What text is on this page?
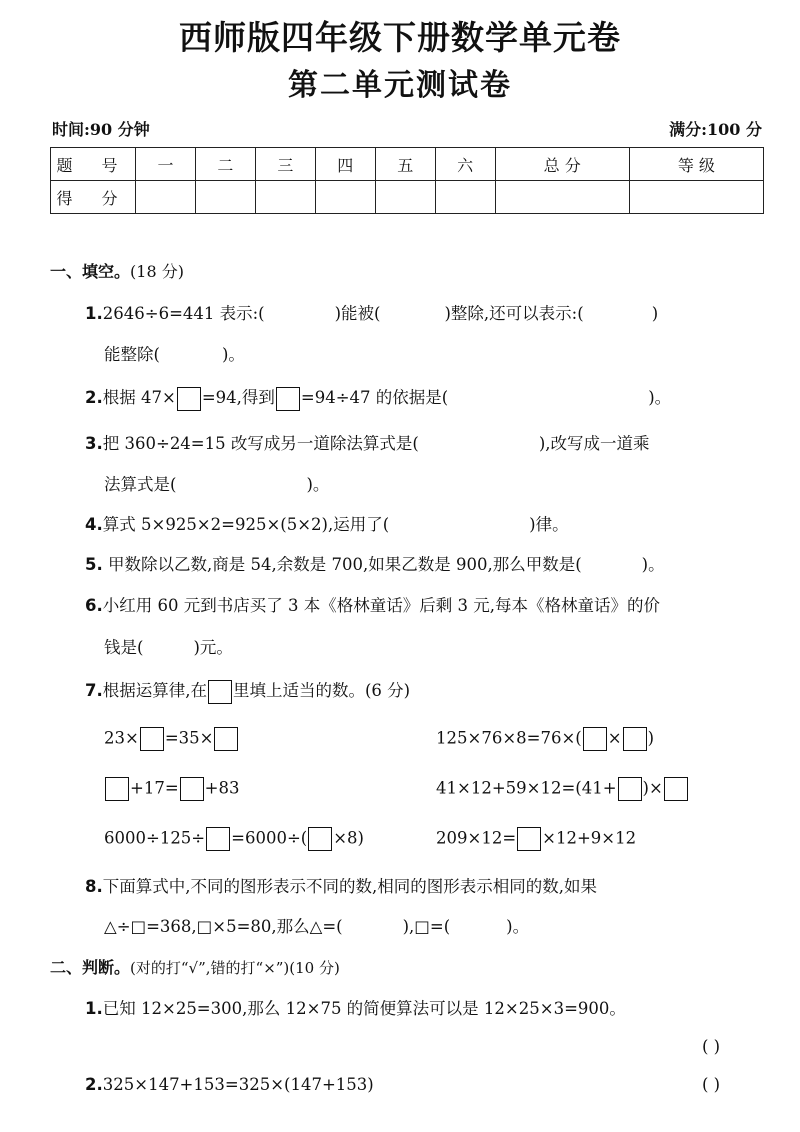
西师版四年级下册数学单元卷
第二单元测试卷
时间:90 分钟	满分:100 分
题 号	一	二	三	四	五	六	总 分	等 级
得 分								
一、填空。(18 分)
1.2646÷6=441 表示:(	)能被(	)整除,还可以表示:(	)
能整除(	)。
2.根据 47× =94,得到 =94÷47 的依据是(	)。
3.把 360÷24=15 改写成另一道除法算式是(	),改写成一道乘
法算式是(	)。
4.算式 5×925×2=925×(5×2),运用了(	)律。
5. 甲数除以乙数,商是 54,余数是 700,如果乙数是 900,那么甲数是(	)。
6.小红用 60 元到书店买了 3 本《格林童话》后剩 3 元,每本《格林童话》的价
钱是(	)元。
7.根据运算律,在 里填上适当的数。(6 分)
23× =35×	125×76×8=76×( × )
+17= +83	41×12+59×12=(41+ )×
6000÷125÷ =6000÷( ×8)	209×12= ×12+9×12
8.下面算式中,不同的图形表示不同的数,相同的图形表示相同的数,如果
△÷□=368,□×5=80,那么△=(	),□=(	)。
二、判断。(对的打“√”,错的打“×”)(10 分)
1.已知 12×25=300,那么 12×75 的简便算法可以是 12×25×3=900。
( )
2.325×147+153=325×(147+153)	( )
